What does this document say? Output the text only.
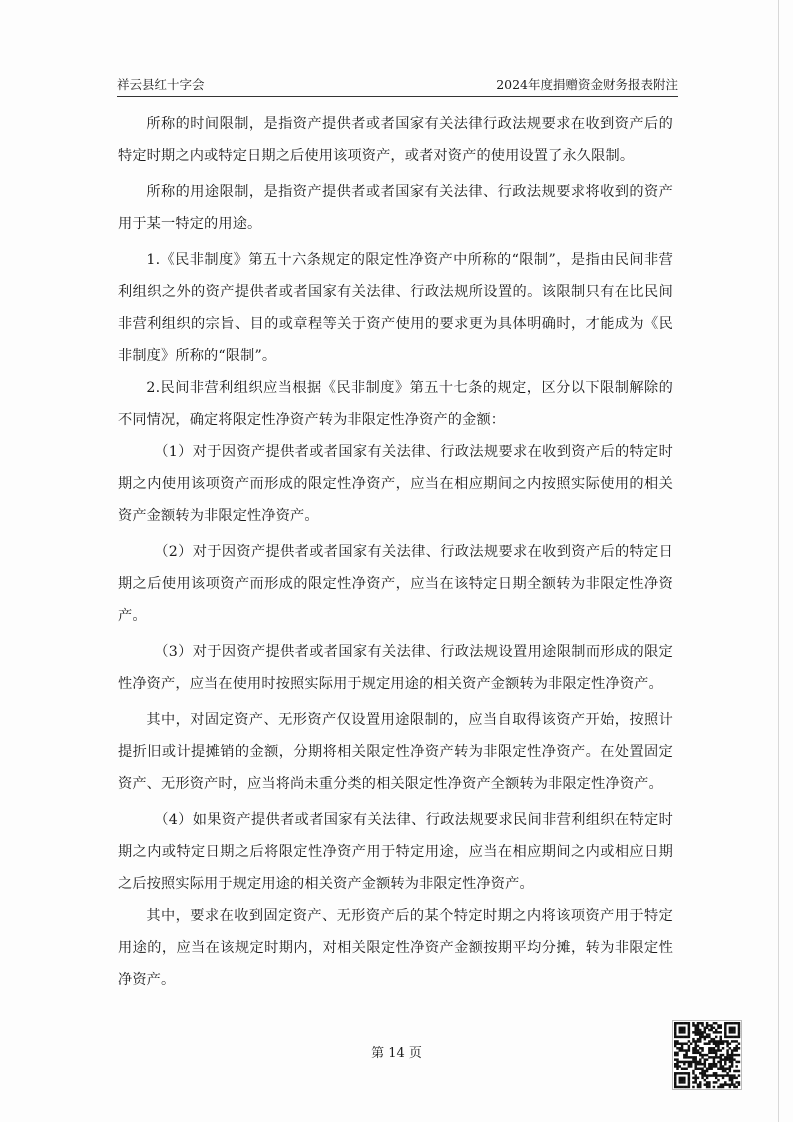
祥云县红十字会	2024年度捐赠资金财务报表附注

所称的时间限制，是指资产提供者或者国家有关法律行政法规要求在收到资产后的特定时期之内或特定日期之后使用该项资产，或者对资产的使用设置了永久限制。

所称的用途限制，是指资产提供者或者国家有关法律、行政法规要求将收到的资产用于某一特定的用途。

1.《民非制度》第五十六条规定的限定性净资产中所称的“限制”，是指由民间非营利组织之外的资产提供者或者国家有关法律、行政法规所设置的。该限制只有在比民间非营利组织的宗旨、目的或章程等关于资产使用的要求更为具体明确时，才能成为《民非制度》所称的“限制”。

2.民间非营利组织应当根据《民非制度》第五十七条的规定，区分以下限制解除的不同情况，确定将限定性净资产转为非限定性净资产的金额：

（1）对于因资产提供者或者国家有关法律、行政法规要求在收到资产后的特定时期之内使用该项资产而形成的限定性净资产，应当在相应期间之内按照实际使用的相关资产金额转为非限定性净资产。

（2）对于因资产提供者或者国家有关法律、行政法规要求在收到资产后的特定日期之后使用该项资产而形成的限定性净资产，应当在该特定日期全额转为非限定性净资产。

（3）对于因资产提供者或者国家有关法律、行政法规设置用途限制而形成的限定性净资产，应当在使用时按照实际用于规定用途的相关资产金额转为非限定性净资产。

其中，对固定资产、无形资产仅设置用途限制的，应当自取得该资产开始，按照计提折旧或计提摊销的金额，分期将相关限定性净资产转为非限定性净资产。在处置固定资产、无形资产时，应当将尚未重分类的相关限定性净资产全额转为非限定性净资产。

（4）如果资产提供者或者国家有关法律、行政法规要求民间非营利组织在特定时期之内或特定日期之后将限定性净资产用于特定用途，应当在相应期间之内或相应日期之后按照实际用于规定用途的相关资产金额转为非限定性净资产。

其中，要求在收到固定资产、无形资产后的某个特定时期之内将该项资产用于特定用途的，应当在该规定时期内，对相关限定性净资产金额按期平均分摊，转为非限定性净资产。

第 14 页
